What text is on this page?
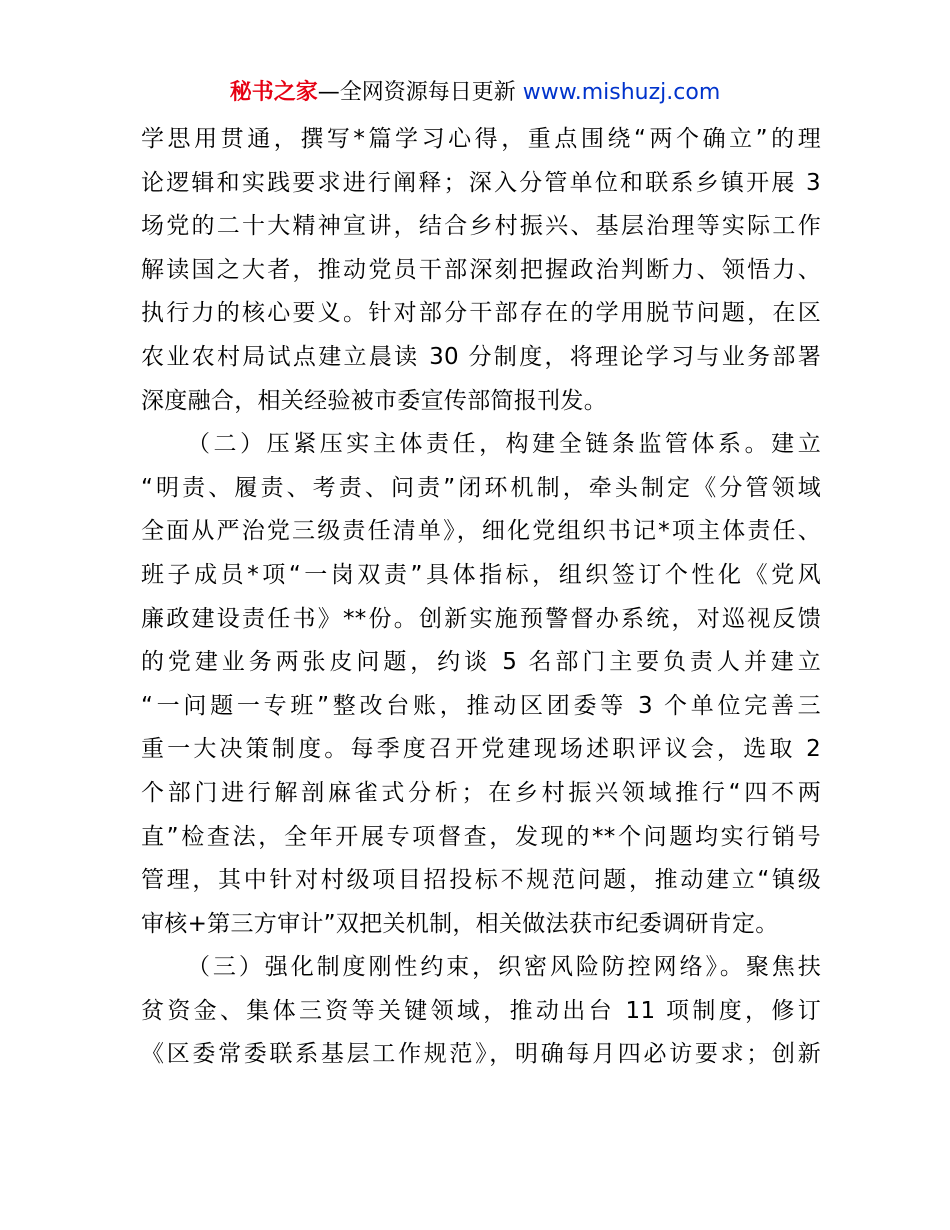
秘书之家—全网资源每日更新 www.mishuzj.com
学思用贯通，撰写*篇学习心得，重点围绕“两个确立”的理
论逻辑和实践要求进行阐释；深入分管单位和联系乡镇开展 3
场党的二十大精神宣讲，结合乡村振兴、基层治理等实际工作
解读国之大者，推动党员干部深刻把握政治判断力、领悟力、
执行力的核心要义。针对部分干部存在的学用脱节问题，在区
农业农村局试点建立晨读 30 分制度，将理论学习与业务部署
深度融合，相关经验被市委宣传部简报刊发。
（二）压紧压实主体责任，构建全链条监管体系。建立
“明责、履责、考责、问责”闭环机制，牵头制定《分管领域
全面从严治党三级责任清单》，细化党组织书记*项主体责任、
班子成员*项“一岗双责”具体指标，组织签订个性化《党风
廉政建设责任书》**份。创新实施预警督办系统，对巡视反馈
的党建业务两张皮问题，约谈 5 名部门主要负责人并建立
“一问题一专班”整改台账，推动区团委等 3 个单位完善三
重一大决策制度。每季度召开党建现场述职评议会，选取 2
个部门进行解剖麻雀式分析；在乡村振兴领域推行“四不两
直”检查法，全年开展专项督查，发现的**个问题均实行销号
管理，其中针对村级项目招投标不规范问题，推动建立“镇级
审核+第三方审计”双把关机制，相关做法获市纪委调研肯定。
（三）强化制度刚性约束，织密风险防控网络》。聚焦扶
贫资金、集体三资等关键领域，推动出台 11 项制度，修订
《区委常委联系基层工作规范》，明确每月四必访要求；创新
